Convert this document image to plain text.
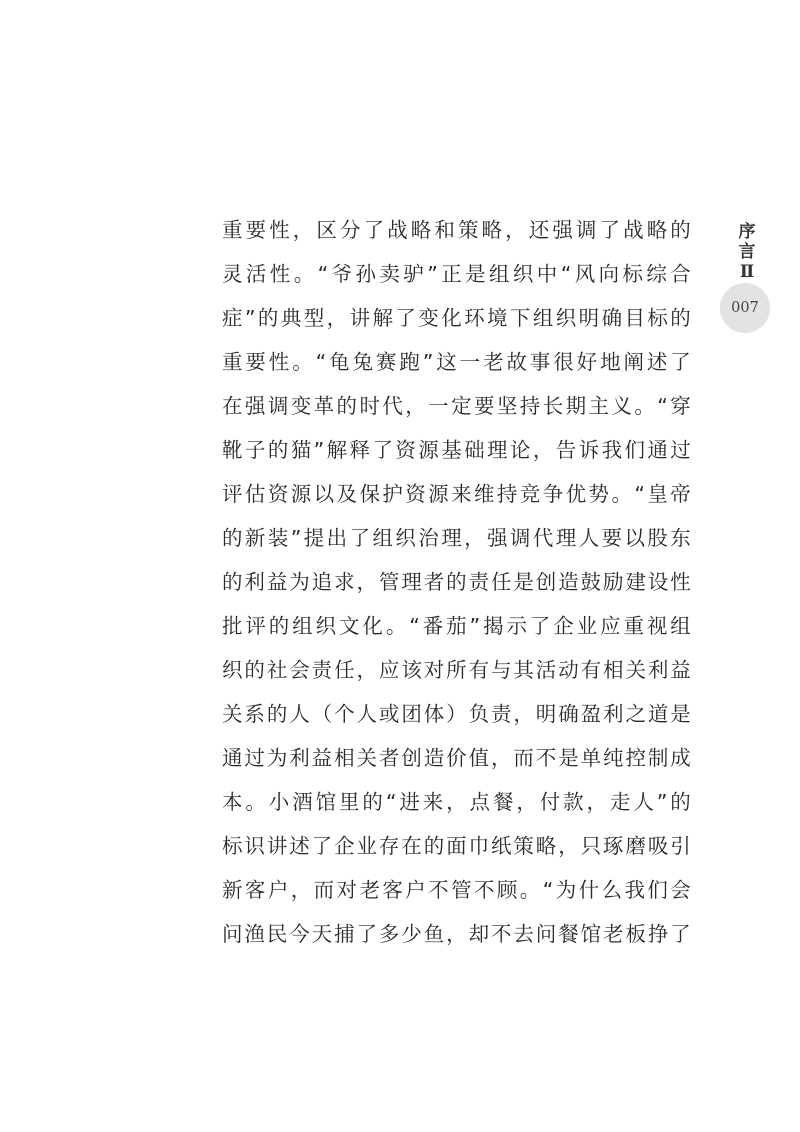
重要性，区分了战略和策略，还强调了战略的
灵活性。“爷孙卖驴”正是组织中“风向标综合
症”的典型，讲解了变化环境下组织明确目标的
重要性。“龟兔赛跑”这一老故事很好地阐述了
在强调变革的时代，一定要坚持长期主义。“穿
靴子的猫”解释了资源基础理论，告诉我们通过
评估资源以及保护资源来维持竞争优势。“皇帝
的新装”提出了组织治理，强调代理人要以股东
的利益为追求，管理者的责任是创造鼓励建设性
批评的组织文化。“番茄”揭示了企业应重视组
织的社会责任，应该对所有与其活动有相关利益
关系的人（个人或团体）负责，明确盈利之道是
通过为利益相关者创造价值，而不是单纯控制成
本。小酒馆里的“进来，点餐，付款，走人”的
标识讲述了企业存在的面巾纸策略，只琢磨吸引
新客户，而对老客户不管不顾。“为什么我们会
问渔民今天捕了多少鱼，却不去问餐馆老板挣了
序
言
Ⅱ
007
